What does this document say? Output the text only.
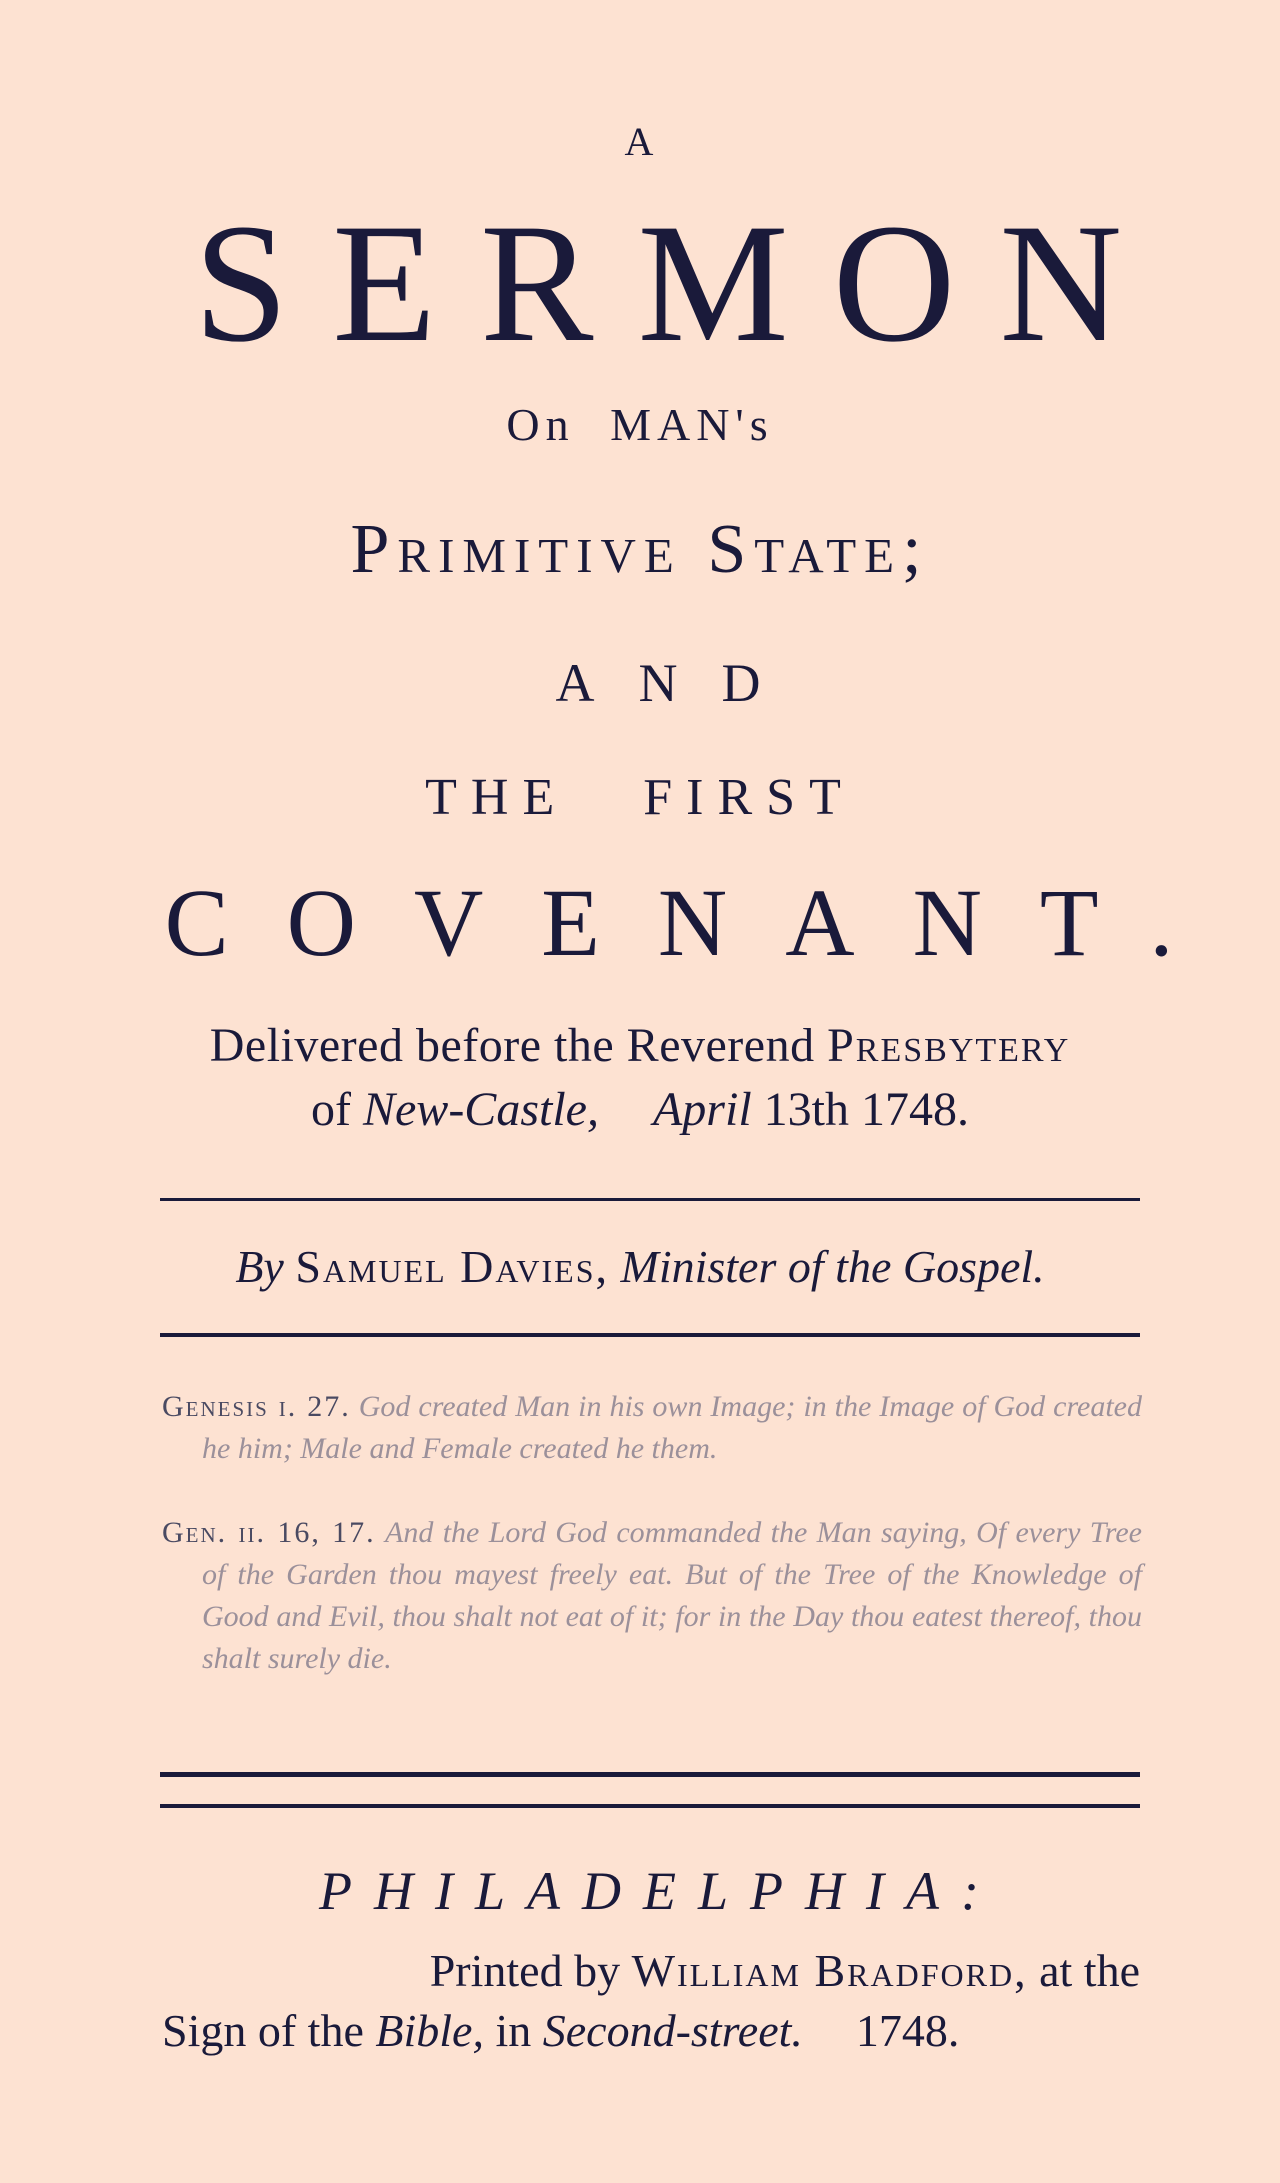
A
SERMON
On MAN's
Primitive State;
AND
THE FIRST
COVENANT.
Delivered before the Reverend Presbytery
of New-Castle, April 13th 1748.
By Samuel Davies, Minister of the Gospel.
Genesis i. 27. God created Man in his own Image; in the Image of God created he him; Male and Female created he them.
Gen. ii. 16, 17. And the Lord God commanded the Man saying, Of every Tree of the Garden thou mayest freely eat. But of the Tree of the Knowledge of Good and Evil, thou shalt not eat of it; for in the Day thou eatest thereof, thou shalt surely die.
PHILADELPHIA:
Printed by William Bradford, at the
Sign of the Bible, in Second-street. 1748.
